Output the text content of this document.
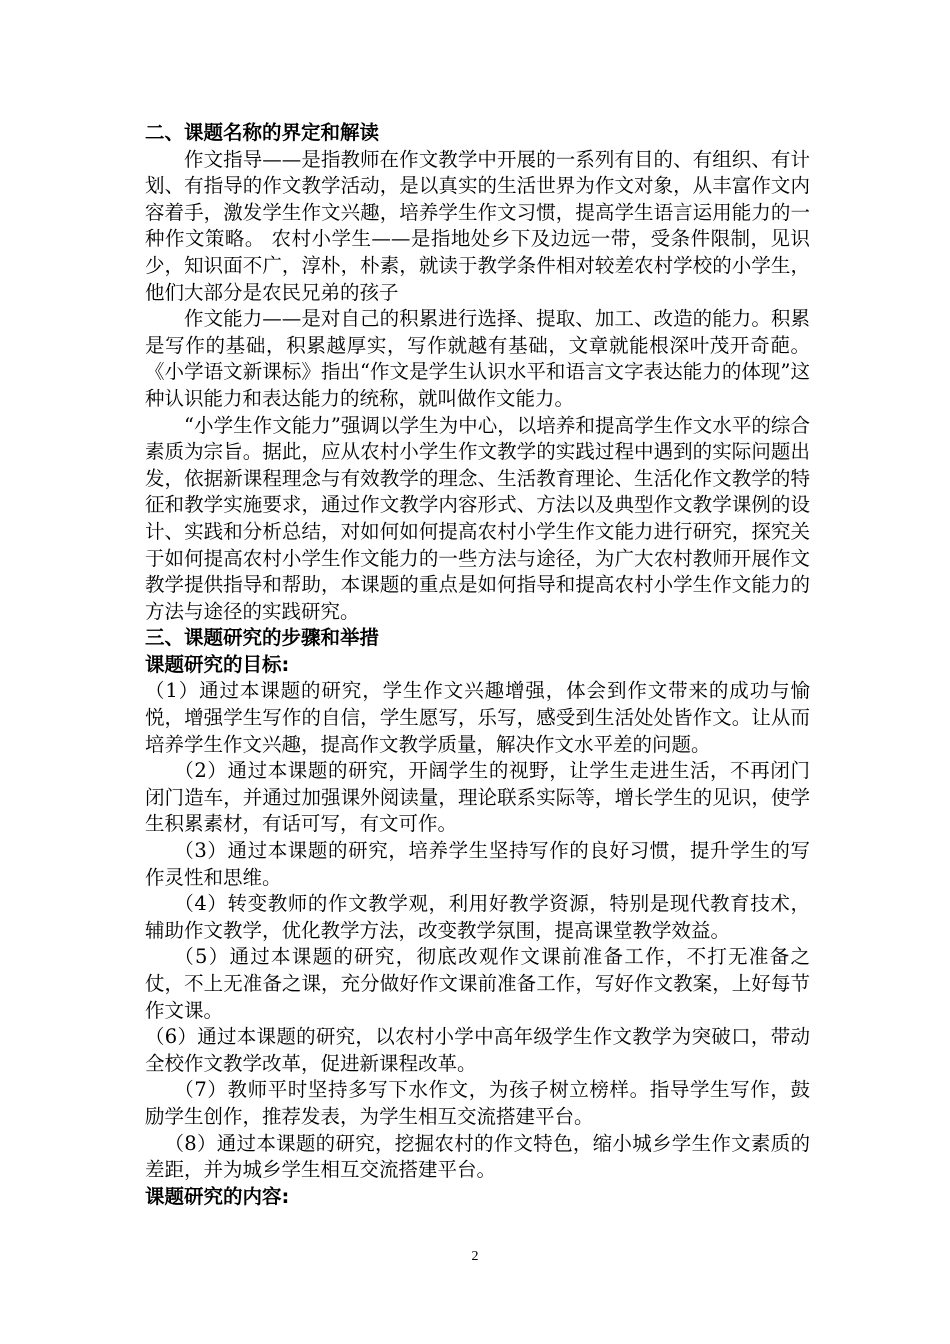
二、课题名称的界定和解读

作文指导——是指教师在作文教学中开展的一系列有目的、有组织、有计划、有指导的作文教学活动，是以真实的生活世界为作文对象，从丰富作文内容着手，激发学生作文兴趣，培养学生作文习惯，提高学生语言运用能力的一种作文策略。 农村小学生——是指地处乡下及边远一带，受条件限制，见识少，知识面不广，淳朴，朴素，就读于教学条件相对较差农村学校的小学生，他们大部分是农民兄弟的孩子

作文能力——是对自己的积累进行选择、提取、加工、改造的能力。积累是写作的基础，积累越厚实，写作就越有基础，文章就能根深叶茂开奇葩。《小学语文新课标》指出“作文是学生认识水平和语言文字表达能力的体现”这种认识能力和表达能力的统称，就叫做作文能力。

“小学生作文能力”强调以学生为中心，以培养和提高学生作文水平的综合素质为宗旨。据此，应从农村小学生作文教学的实践过程中遇到的实际问题出发，依据新课程理念与有效教学的理念、生活教育理论、生活化作文教学的特征和教学实施要求，通过作文教学内容形式、方法以及典型作文教学课例的设计、实践和分析总结，对如何如何提高农村小学生作文能力进行研究，探究关于如何提高农村小学生作文能力的一些方法与途径，为广大农村教师开展作文教学提供指导和帮助，本课题的重点是如何指导和提高农村小学生作文能力的方法与途径的实践研究。

三、课题研究的步骤和举措

课题研究的目标:

（1）通过本课题的研究，学生作文兴趣增强，体会到作文带来的成功与愉悦，增强学生写作的自信，学生愿写，乐写，感受到生活处处皆作文。让从而培养学生作文兴趣，提高作文教学质量，解决作文水平差的问题。

（2）通过本课题的研究，开阔学生的视野，让学生走进生活，不再闭门闭门造车，并通过加强课外阅读量，理论联系实际等，增长学生的见识，使学生积累素材，有话可写，有文可作。

（3）通过本课题的研究，培养学生坚持写作的良好习惯，提升学生的写作灵性和思维。

（4）转变教师的作文教学观，利用好教学资源，特别是现代教育技术，辅助作文教学，优化教学方法，改变教学氛围，提高课堂教学效益。

（5）通过本课题的研究，彻底改观作文课前准备工作，不打无准备之仗，不上无准备之课，充分做好作文课前准备工作，写好作文教案，上好每节作文课。

（6）通过本课题的研究，以农村小学中高年级学生作文教学为突破口，带动全校作文教学改革，促进新课程改革。

（7）教师平时坚持多写下水作文，为孩子树立榜样。指导学生写作，鼓励学生创作，推荐发表，为学生相互交流搭建平台。

（8）通过本课题的研究，挖掘农村的作文特色，缩小城乡学生作文素质的差距，并为城乡学生相互交流搭建平台。

课题研究的内容:

2
